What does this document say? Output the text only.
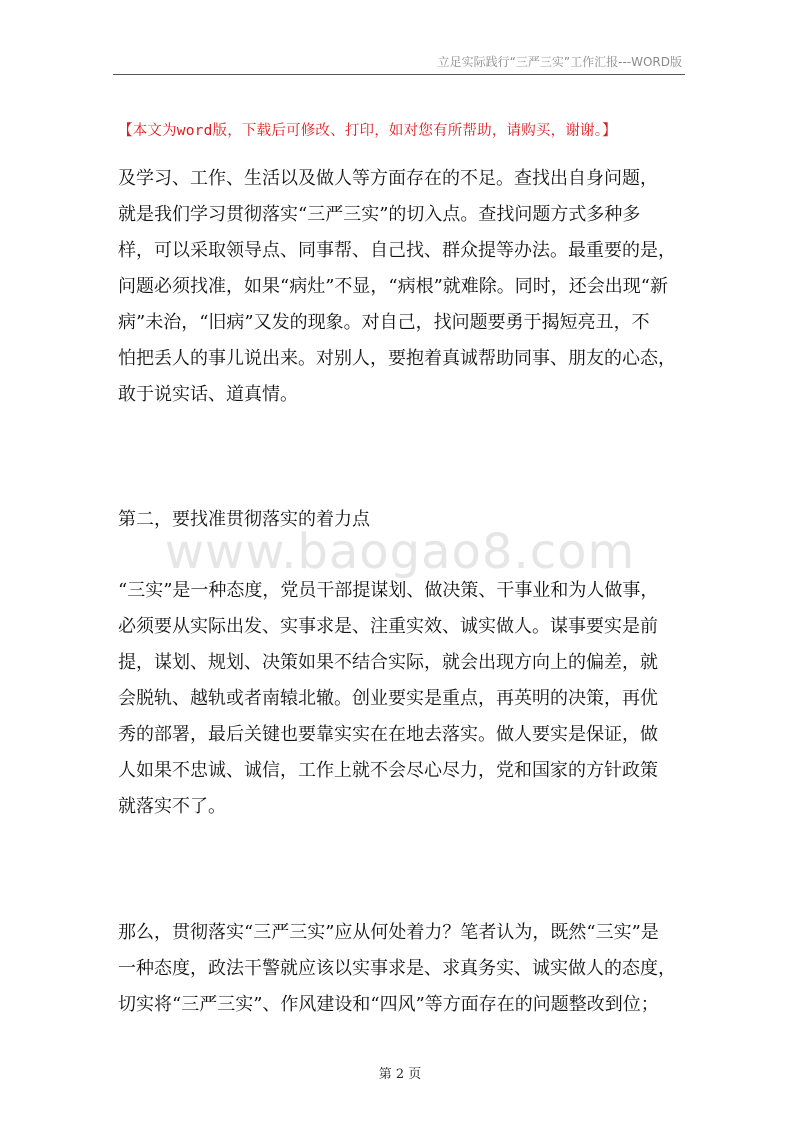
立足实际践行“三严三实”工作汇报---WORD版
【本文为word版，下载后可修改、打印，如对您有所帮助，请购买，谢谢。】
www.baogao8.com
及学习、工作、生活以及做人等方面存在的不足。查找出自身问题，
就是我们学习贯彻落实“三严三实”的切入点。查找问题方式多种多
样，可以采取领导点、同事帮、自己找、群众提等办法。最重要的是，
问题必须找准，如果“病灶”不显，“病根”就难除。同时，还会出现“新
病”未治，“旧病”又发的现象。对自己，找问题要勇于揭短亮丑，不
怕把丢人的事儿说出来。对别人，要抱着真诚帮助同事、朋友的心态，
敢于说实话、道真情。
第二，要找准贯彻落实的着力点
“三实”是一种态度，党员干部提谋划、做决策、干事业和为人做事，
必须要从实际出发、实事求是、注重实效、诚实做人。谋事要实是前
提，谋划、规划、决策如果不结合实际，就会出现方向上的偏差，就
会脱轨、越轨或者南辕北辙。创业要实是重点，再英明的决策，再优
秀的部署，最后关键也要靠实实在在地去落实。做人要实是保证，做
人如果不忠诚、诚信，工作上就不会尽心尽力，党和国家的方针政策
就落实不了。
那么，贯彻落实“三严三实”应从何处着力？笔者认为，既然“三实”是
一种态度，政法干警就应该以实事求是、求真务实、诚实做人的态度，
切实将“三严三实”、作风建设和“四风”等方面存在的问题整改到位；
第 2 页
